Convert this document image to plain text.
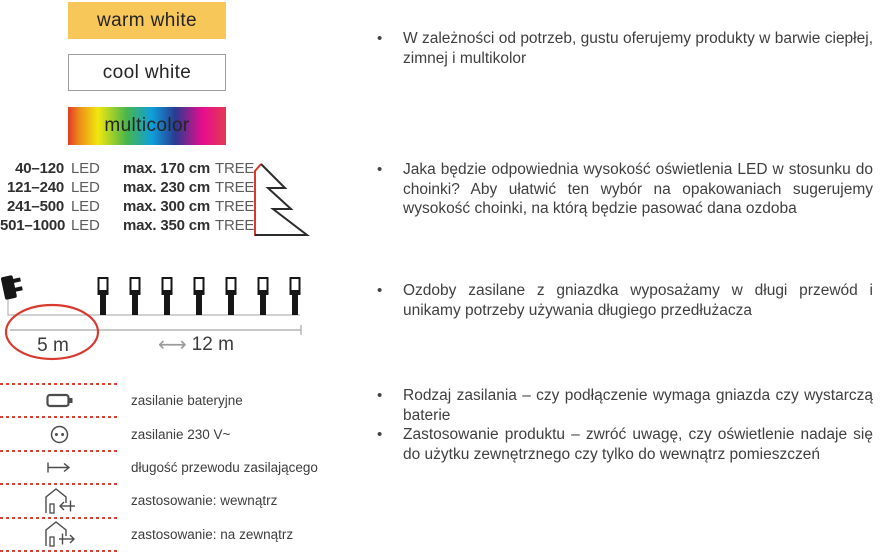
warm white
cool white
multicolor
40–120 LED	max. 170 cm TREE
121–240 LED	max. 230 cm TREE
241–500 LED	max. 300 cm TREE
501–1000 LED	max. 350 cm TREE
5 m	⟷ 12 m
zasilanie bateryjne
zasilanie 230 V~
długość przewodu zasilającego
zastosowanie: wewnątrz
zastosowanie: na zewnątrz
•	W zależności od potrzeb, gustu oferujemy produkty w barwie ciepłej, zimnej i multikolor
•	Jaka będzie odpowiednia wysokość oświetlenia LED w stosunku do choinki? Aby ułatwić ten wybór na opakowaniach sugerujemy wysokość choinki, na którą będzie pasować dana ozdoba
•	Ozdoby zasilane z gniazdka wyposażamy w długi przewód i unikamy potrzeby używania długiego przedłużacza
•	Rodzaj zasilania – czy podłączenie wymaga gniazda czy wystarczą baterie
•	Zastosowanie produktu – zwróć uwagę, czy oświetlenie nadaje się do użytku zewnętrznego czy tylko do wewnątrz pomieszczeń
